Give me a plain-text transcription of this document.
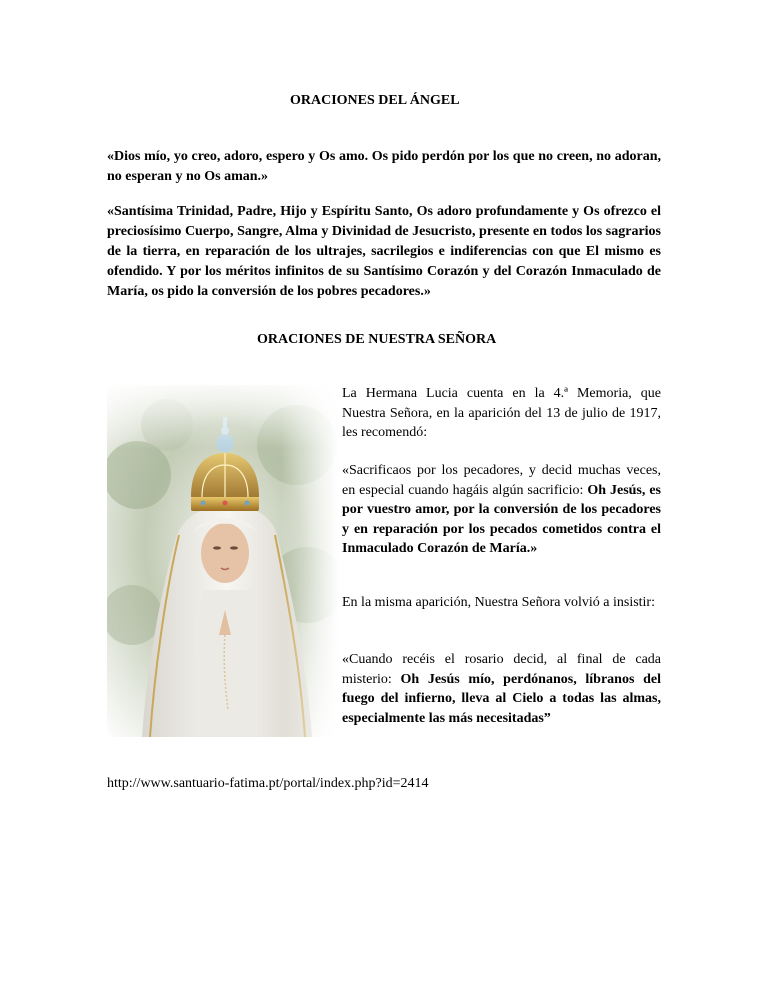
ORACIONES DEL ÁNGEL
«Dios mío, yo creo, adoro, espero y Os amo. Os pido perdón por los que no creen, no adoran, no esperan y no Os aman.»
«Santísima Trinidad, Padre, Hijo y Espíritu Santo, Os adoro profundamente y Os ofrezco el preciosísimo Cuerpo, Sangre, Alma y Divinidad de Jesucristo, presente en todos los sagrarios de la tierra, en reparación de los ultrajes, sacrilegios e indiferencias con que El mismo es ofendido. Y por los méritos infinitos de su Santísimo Corazón y del Corazón Inmaculado de María, os pido la conversión de los pobres pecadores.»
ORACIONES DE NUESTRA SEÑORA
La Hermana Lucia cuenta en la 4.ª Memoria, que Nuestra Señora, en la aparición del 13 de julio de 1917, les recomendó:
«Sacrificaos por los pecadores, y decid muchas veces, en especial cuando hagáis algún sacrificio: Oh Jesús, es por vuestro amor, por la conversión de los pecadores y en reparación por los pecados cometidos contra el Inmaculado Corazón de María.»
En la misma aparición, Nuestra Señora volvió a insistir:
«Cuando recéis el rosario decid, al final de cada misterio: Oh Jesús mío, perdónanos, líbranos del fuego del infierno, lleva al Cielo a todas las almas, especialmente las más necesitadas”
http://www.santuario-fatima.pt/portal/index.php?id=2414
